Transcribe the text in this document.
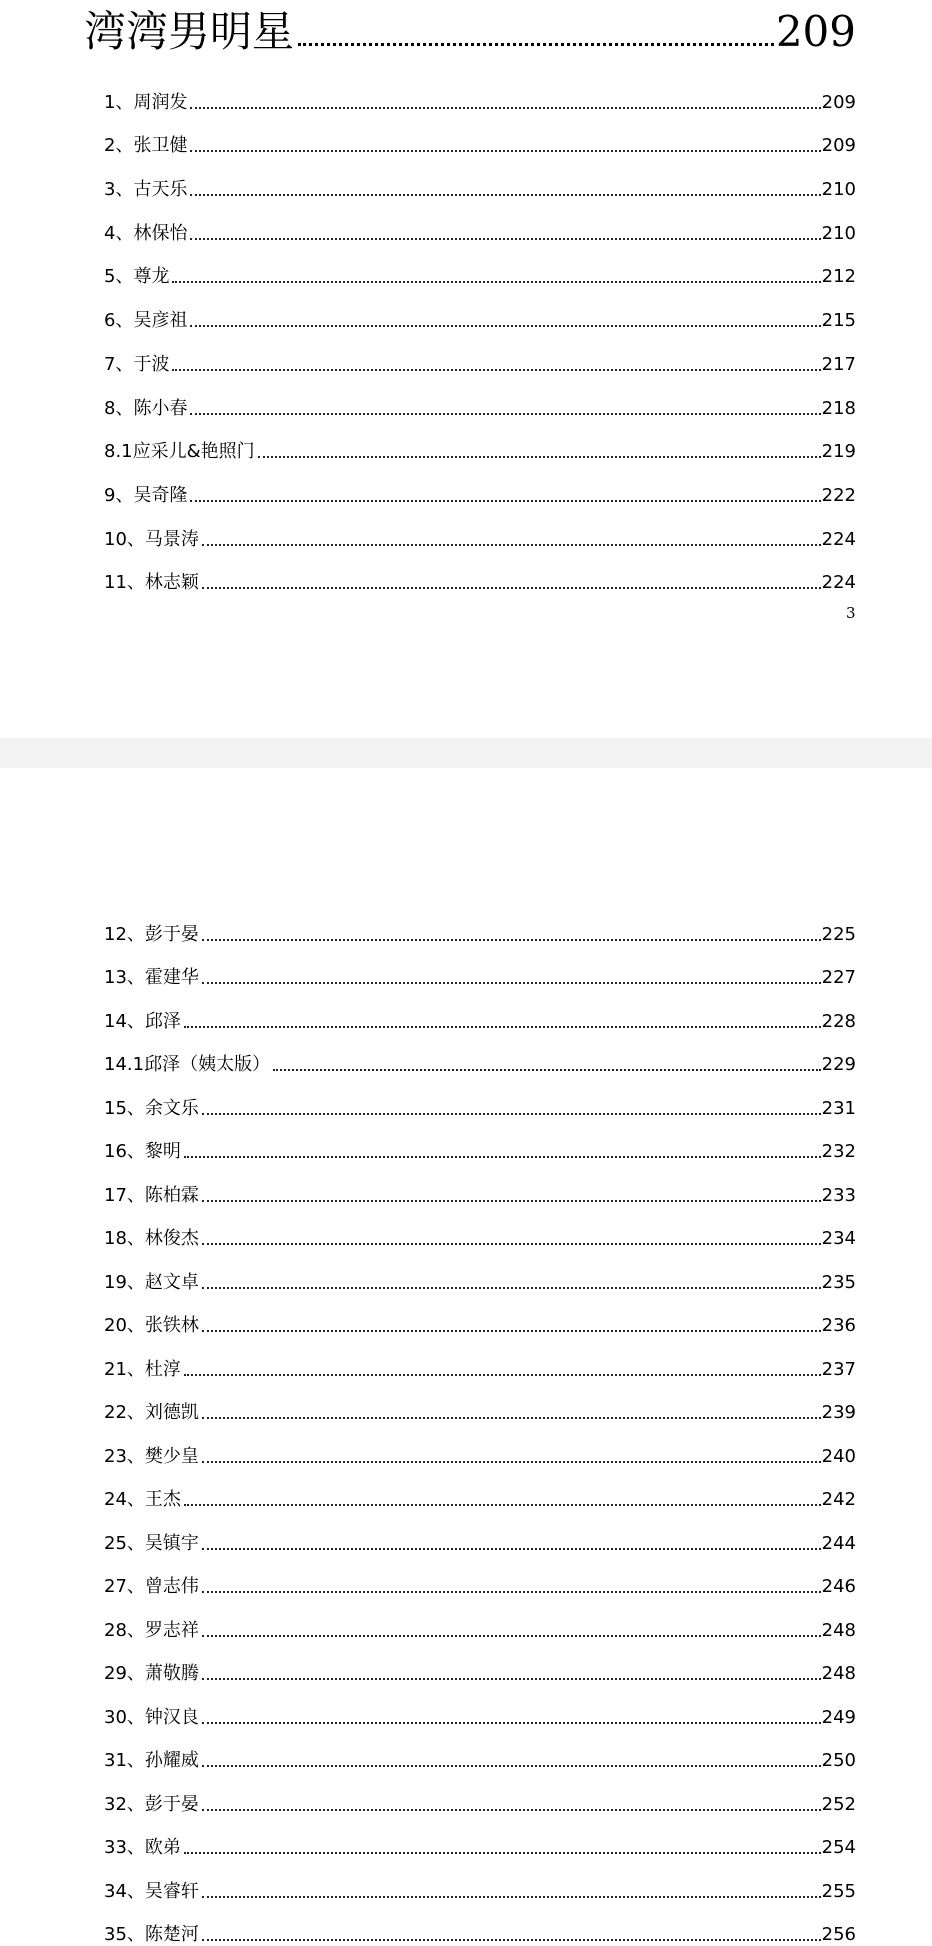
湾湾男明星	209
1、周润发	209
2、张卫健	209
3、古天乐	210
4、林保怡	210
5、尊龙	212
6、吴彦祖	215
7、于波	217
8、陈小春	218
8.1应采儿&艳照门	219
9、吴奇隆	222
10、马景涛	224
11、林志颖	224
3
12、彭于晏	225
13、霍建华	227
14、邱泽	228
14.1邱泽（姨太版）	229
15、余文乐	231
16、黎明	232
17、陈柏霖	233
18、林俊杰	234
19、赵文卓	235
20、张铁林	236
21、杜淳	237
22、刘德凯	239
23、樊少皇	240
24、王杰	242
25、吴镇宇	244
27、曾志伟	246
28、罗志祥	248
29、萧敬腾	248
30、钟汉良	249
31、孙耀威	250
32、彭于晏	252
33、欧弟	254
34、吴睿轩	255
35、陈楚河	256
